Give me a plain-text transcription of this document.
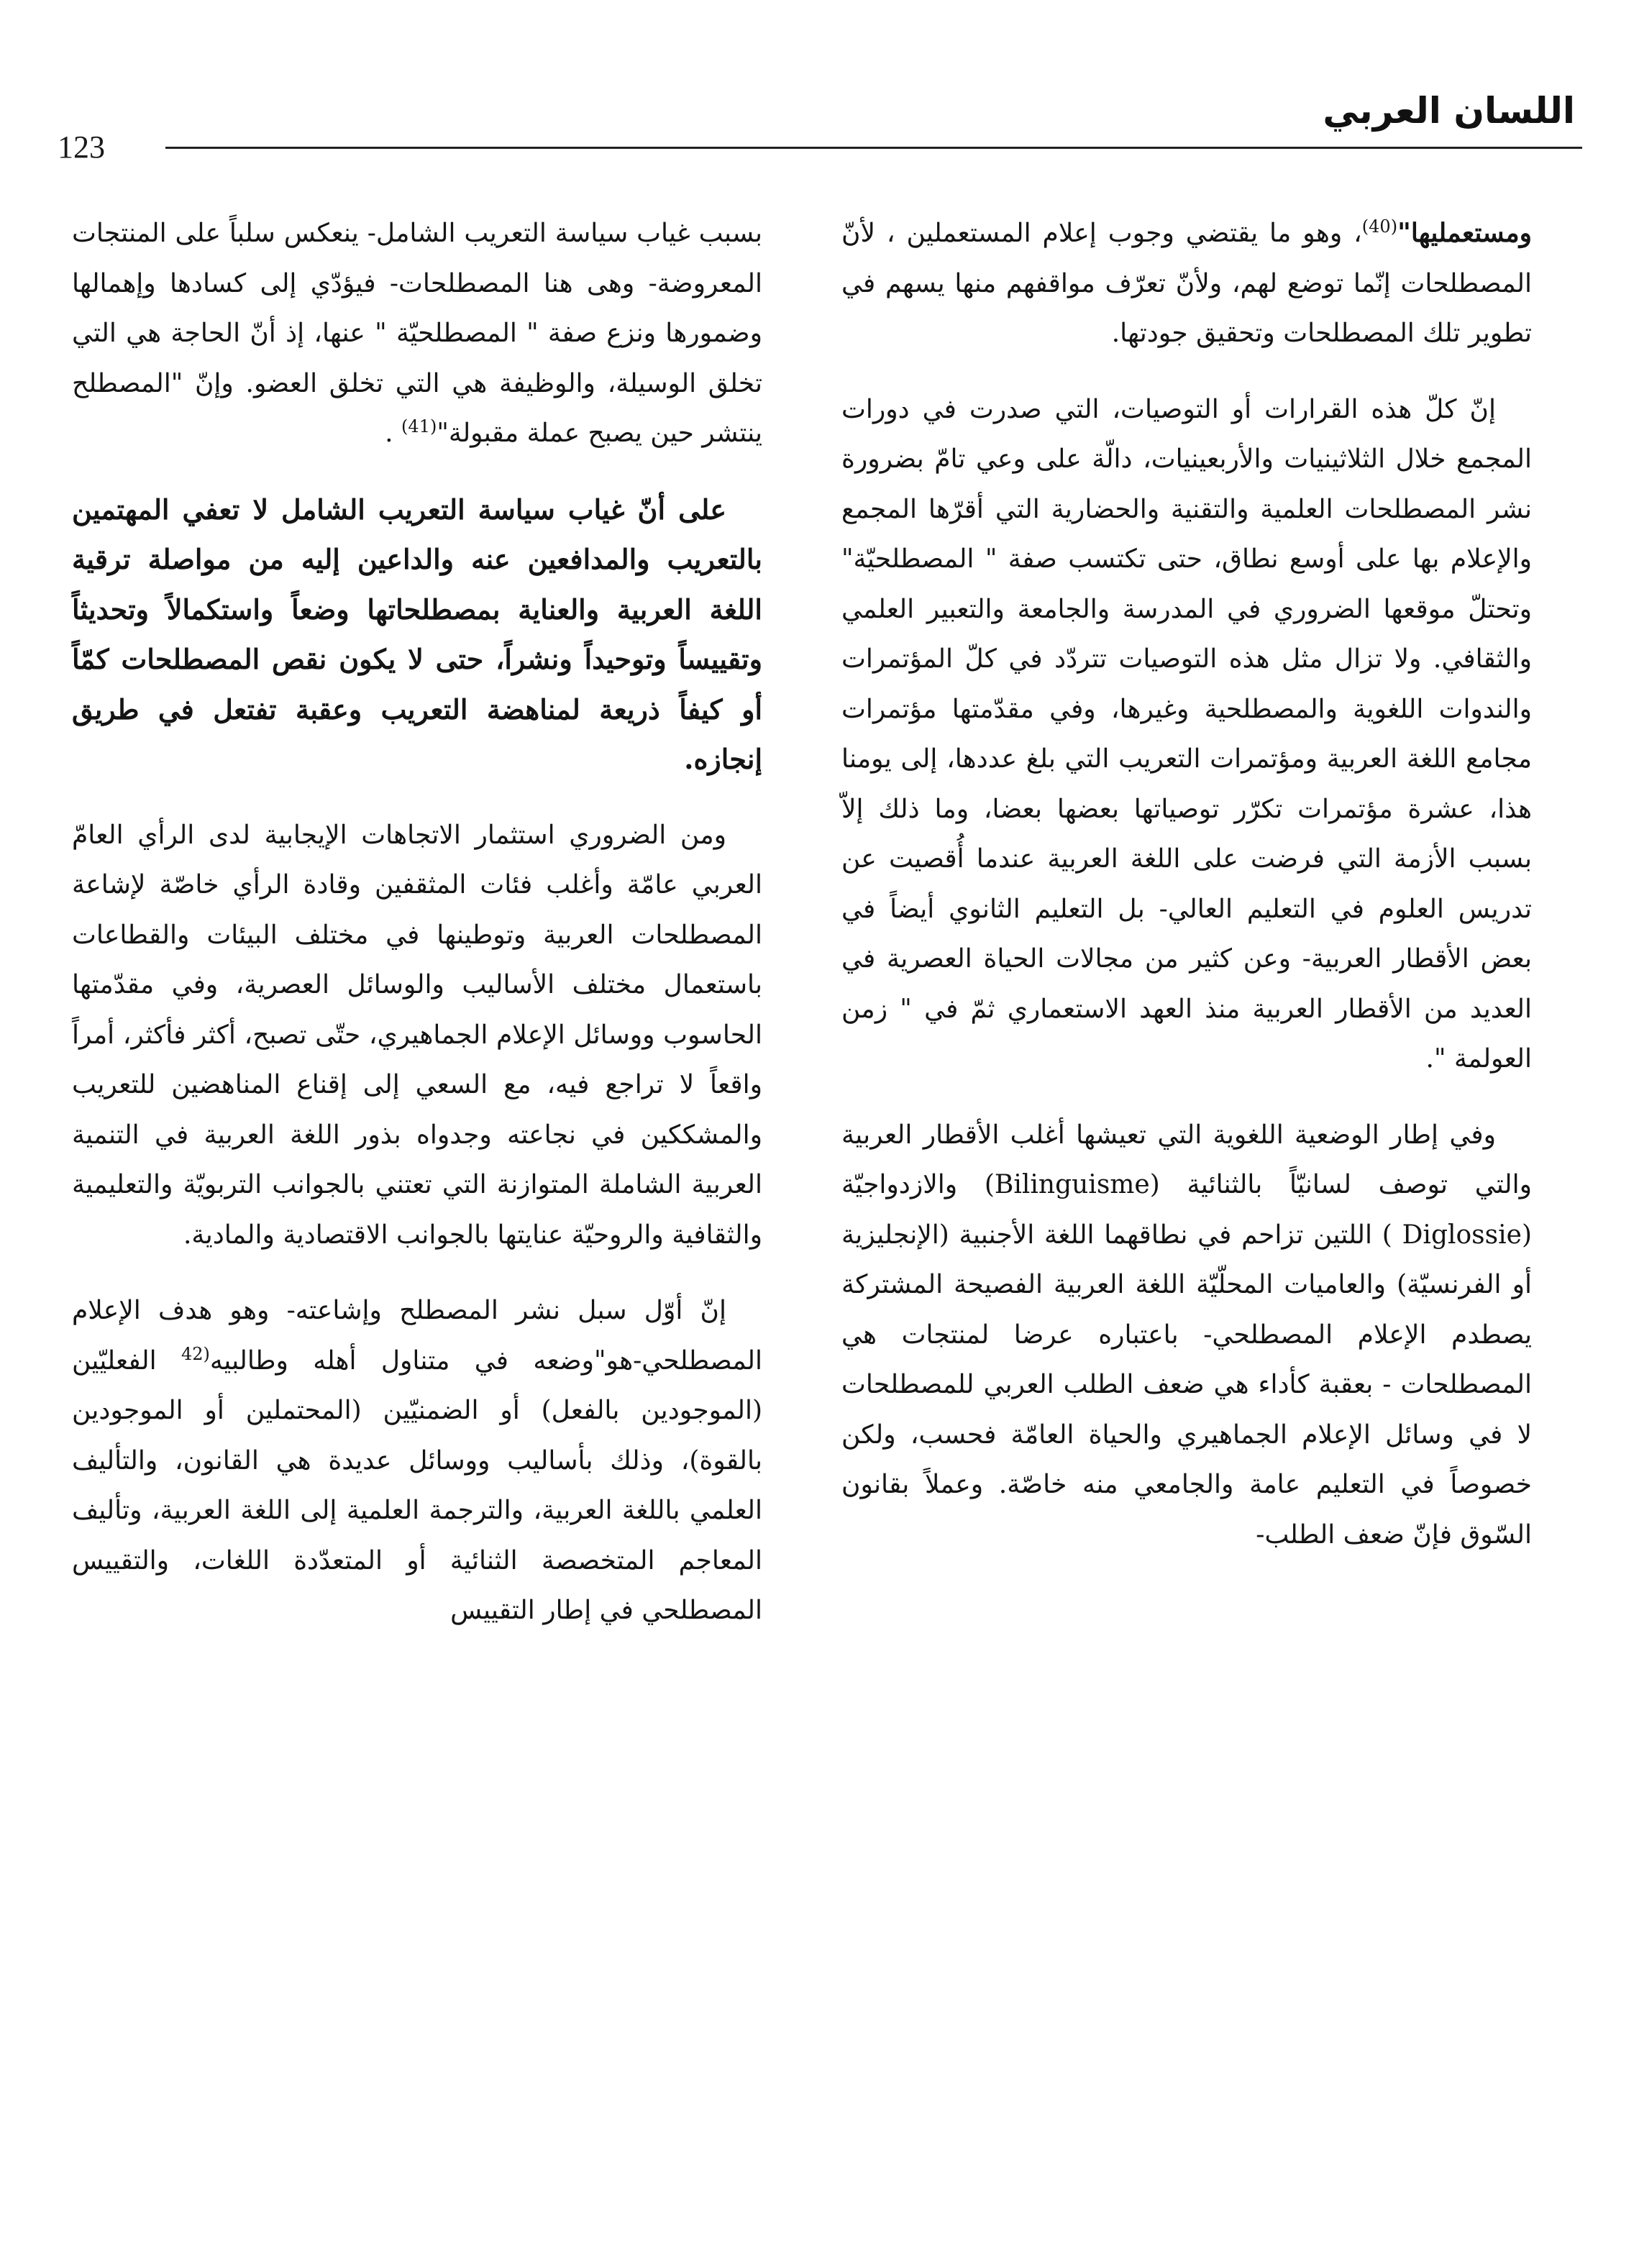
123
اللسان العربي

ومستعمليها"$^{(40)}$، وهو ما يقتضي وجوب إعلام المستعملين ، لأنّ المصطلحات إنّما توضع لهم، ولأنّ تعرّف مواقفهم منها يسهم في تطوير تلك المصطلحات وتحقيق جودتها.

إنّ كلّ هذه القرارات أو التوصيات، التي صدرت في دورات المجمع خلال الثلاثينيات والأربعينيات، دالّة على وعي تامّ بضرورة نشر المصطلحات العلمية والتقنية والحضارية التي أقرّها المجمع والإعلام بها على أوسع نطاق، حتى تكتسب صفة " المصطلحيّة" وتحتلّ موقعها الضروري في المدرسة والجامعة والتعبير العلمي والثقافي. ولا تزال مثل هذه التوصيات تتردّد في كلّ المؤتمرات والندوات اللغوية والمصطلحية وغيرها، وفي مقدّمتها مؤتمرات مجامع اللغة العربية ومؤتمرات التعريب التي بلغ عددها، إلى يومنا هذا، عشرة مؤتمرات تكرّر توصياتها بعضها بعضا، وما ذلك إلاّ بسبب الأزمة التي فرضت على اللغة العربية عندما أُقصيت عن تدريس العلوم في التعليم العالي- بل التعليم الثانوي أيضاً في بعض الأقطار العربية- وعن كثير من مجالات الحياة العصرية في العديد من الأقطار العربية منذ العهد الاستعماري ثمّ في " زمن العولمة ".

وفي إطار الوضعية اللغوية التي تعيشها أغلب الأقطار العربية والتي توصف لسانيّاً بالثنائية (Bilinguisme) والازدواجيّة (Diglossie ) اللتين تزاحم في نطاقهما اللغة الأجنبية (الإنجليزية أو الفرنسيّة) والعاميات المحلّيّة اللغة العربية الفصيحة المشتركة يصطدم الإعلام المصطلحي- باعتباره عرضا لمنتجات هي المصطلحات - بعقبة كأداء هي ضعف الطلب العربي للمصطلحات لا في وسائل الإعلام الجماهيري والحياة العامّة فحسب، ولكن خصوصاً في التعليم عامة والجامعي منه خاصّة. وعملاً بقانون السّوق فإنّ ضعف الطلب-

بسبب غياب سياسة التعريب الشامل- ينعكس سلباً على المنتجات المعروضة- وهى هنا المصطلحات- فيؤدّي إلى كسادها وإهمالها وضمورها ونزع صفة " المصطلحيّة " عنها، إذ أنّ الحاجة هي التي تخلق الوسيلة، والوظيفة هي التي تخلق العضو. وإنّ "المصطلح ينتشر حين يصبح عملة مقبولة"$^{(41)}$ .

على أنّ غياب سياسة التعريب الشامل لا تعفي المهتمين بالتعريب والمدافعين عنه والداعين إليه من مواصلة ترقية اللغة العربية والعناية بمصطلحاتها وضعاً واستكمالاً وتحديثاً وتقييساً وتوحيداً ونشراً، حتى لا يكون نقص المصطلحات كمّاً أو كيفاً ذريعة لمناهضة التعريب وعقبة تفتعل في طريق إنجازه.

ومن الضروري استثمار الاتجاهات الإيجابية لدى الرأي العامّ العربي عامّة وأغلب فئات المثقفين وقادة الرأي خاصّة لإشاعة المصطلحات العربية وتوطينها في مختلف البيئات والقطاعات باستعمال مختلف الأساليب والوسائل العصرية، وفي مقدّمتها الحاسوب ووسائل الإعلام الجماهيري، حتّى تصبح، أكثر فأكثر، أمراً واقعاً لا تراجع فيه، مع السعي إلى إقناع المناهضين للتعريب والمشككين في نجاعته وجدواه بذور اللغة العربية في التنمية العربية الشاملة المتوازنة التي تعتني بالجوانب التربويّة والتعليمية والثقافية والروحيّة عنايتها بالجوانب الاقتصادية والمادية.

إنّ أوّل سبل نشر المصطلح وإشاعته- وهو هدف الإعلام المصطلحي-هو"وضعه في متناول أهله وطالبيه$^{(42}$ الفعليّين (الموجودين بالفعل) أو الضمنيّين (المحتملين أو الموجودين بالقوة)، وذلك بأساليب ووسائل عديدة هي القانون، والتأليف العلمي باللغة العربية، والترجمة العلمية إلى اللغة العربية، وتأليف المعاجم المتخصصة الثنائية أو المتعدّدة اللغات، والتقييس المصطلحي في إطار التقييس
